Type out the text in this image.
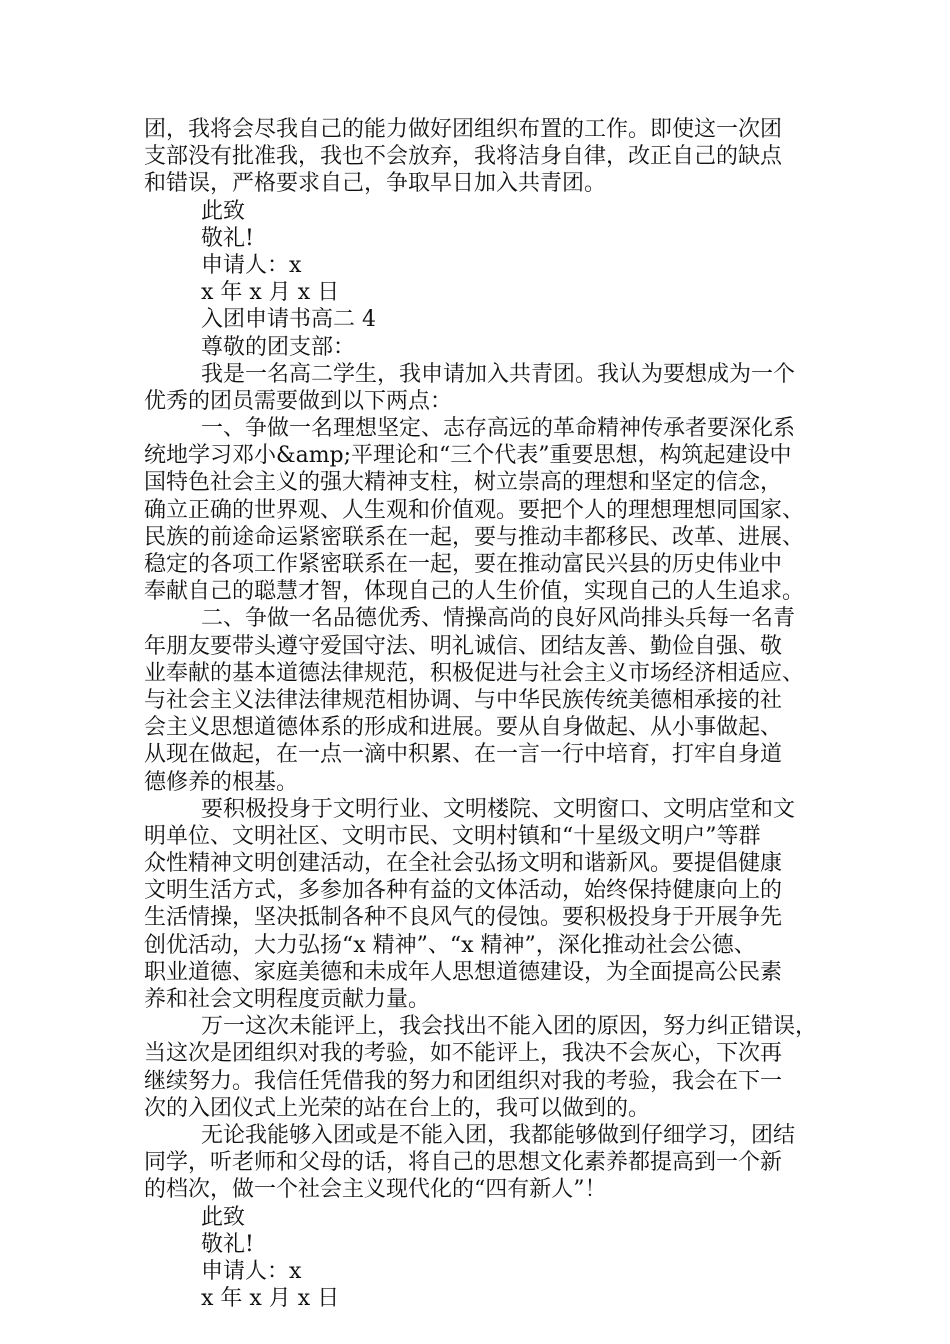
团，我将会尽我自己的能力做好团组织布置的工作。即使这一次团
支部没有批准我，我也不会放弃，我将洁身自律，改正自己的缺点
和错误，严格要求自己，争取早日加入共青团。
此致
敬礼!
申请人：x
x 年 x 月 x 日
入团申请书高二 4
尊敬的团支部：
我是一名高二学生，我申请加入共青团。我认为要想成为一个
优秀的团员需要做到以下两点：
一、争做一名理想坚定、志存高远的革命精神传承者要深化系
统地学习邓小&amp;平理论和“三个代表”重要思想，构筑起建设中
国特色社会主义的强大精神支柱，树立崇高的理想和坚定的信念，
确立正确的世界观、人生观和价值观。要把个人的理想理想同国家、
民族的前途命运紧密联系在一起，要与推动丰都移民、改革、进展、
稳定的各项工作紧密联系在一起，要在推动富民兴县的历史伟业中
奉献自己的聪慧才智，体现自己的人生价值，实现自己的人生追求。
二、争做一名品德优秀、情操高尚的良好风尚排头兵每一名青
年朋友要带头遵守爱国守法、明礼诚信、团结友善、勤俭自强、敬
业奉献的基本道德法律规范，积极促进与社会主义市场经济相适应、
与社会主义法律法律规范相协调、与中华民族传统美德相承接的社
会主义思想道德体系的形成和进展。要从自身做起、从小事做起、
从现在做起，在一点一滴中积累、在一言一行中培育，打牢自身道
德修养的根基。
要积极投身于文明行业、文明楼院、文明窗口、文明店堂和文
明单位、文明社区、文明市民、文明村镇和“十星级文明户”等群
众性精神文明创建活动，在全社会弘扬文明和谐新风。要提倡健康
文明生活方式，多参加各种有益的文体活动，始终保持健康向上的
生活情操，坚决抵制各种不良风气的侵蚀。要积极投身于开展争先
创优活动，大力弘扬“x 精神”、“x 精神”，深化推动社会公德、
职业道德、家庭美德和未成年人思想道德建设，为全面提高公民素
养和社会文明程度贡献力量。
万一这次未能评上，我会找出不能入团的原因，努力纠正错误，
当这次是团组织对我的考验，如不能评上，我决不会灰心，下次再
继续努力。我信任凭借我的努力和团组织对我的考验，我会在下一
次的入团仪式上光荣的站在台上的，我可以做到的。
无论我能够入团或是不能入团，我都能够做到仔细学习，团结
同学，听老师和父母的话，将自己的思想文化素养都提高到一个新
的档次，做一个社会主义现代化的“四有新人”！
此致
敬礼!
申请人：x
x 年 x 月 x 日
